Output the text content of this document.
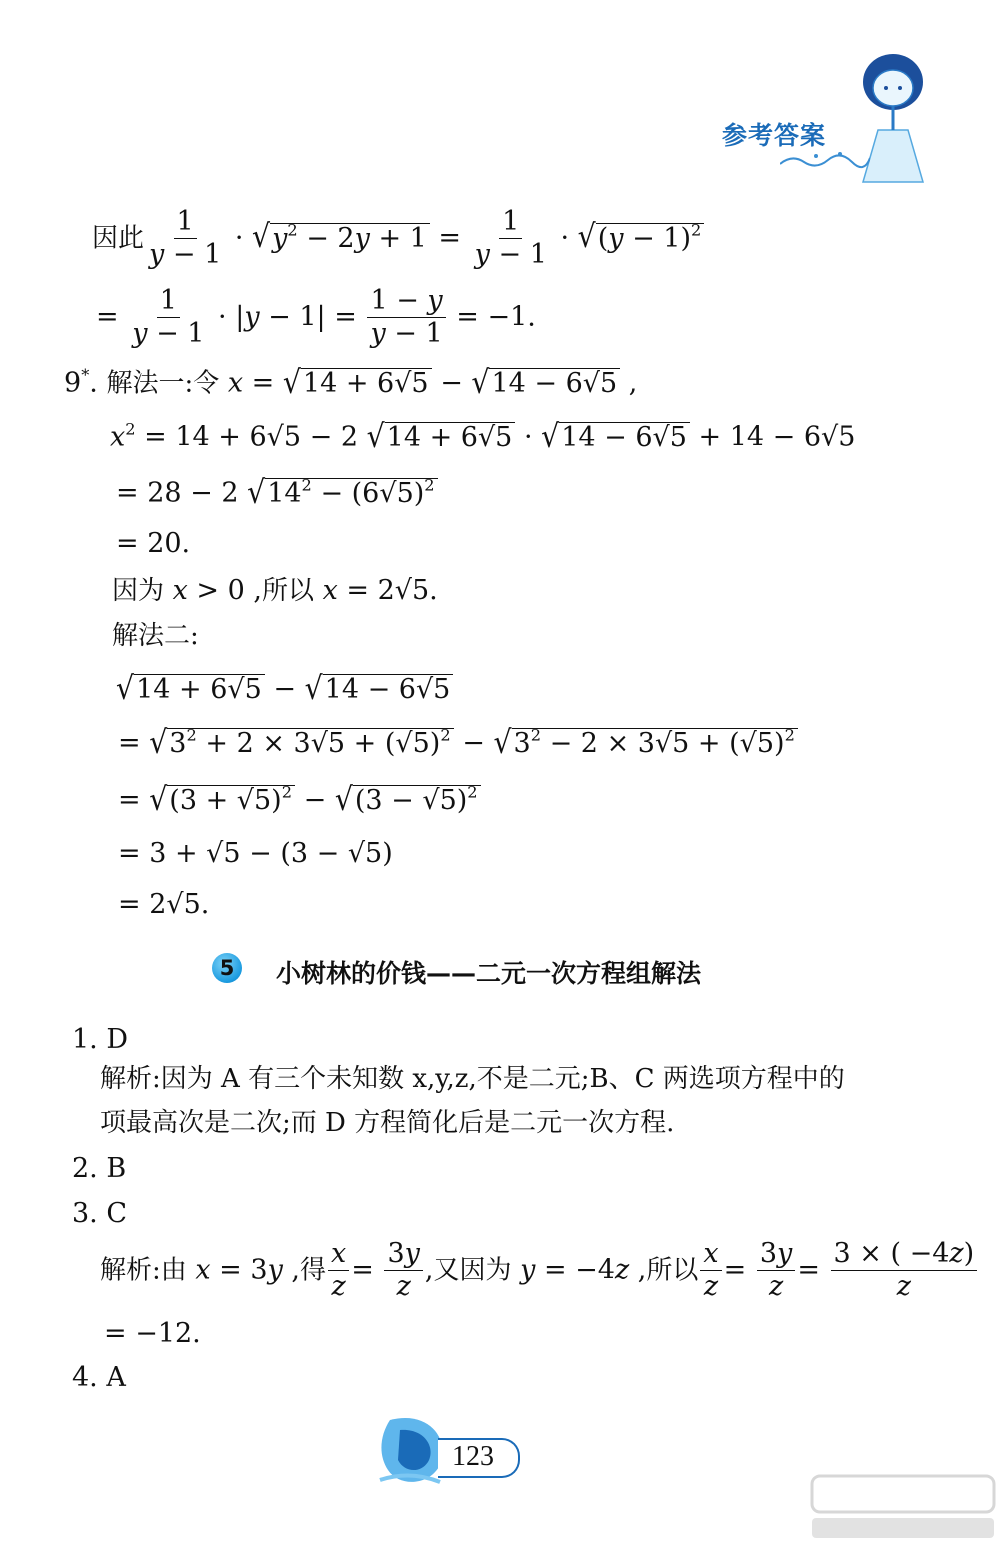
参考答案
因此 $\frac{1}{y - 1}$ · √ $y^2 - 2y + 1 = \frac{1}{y - 1}$ · √ $(y - 1)^2$
= $\frac{1}{y - 1} \cdot |y - 1| = \frac{1 - y}{y - 1} = -1$.
9*. 解法一:令 x = √ 14 + 6√5 − √ 14 − 6√5 ,
$x^2 = 14 + 6√5 - 2$ √ 14 + 6√5 · √ 14 − 6√5 + 14 − 6√5
= 28 − 2 √ $14^2 - (6√5)^2$
= 20.
因为 x > 0 ,所以 x = 2√5.
解法二:
√ 14 + 6√5 − √ 14 − 6√5
= √ $3^2 + 2 \times 3√5 + (√5)^2$ − √ $3^2 - 2 \times 3√5 + (√5)^2$
= √ $(3 + √5)^2$ − √ $(3 - √5)^2$
= 3 + √5 − (3 − √5)
= 2√5.
5	小树林的价钱——二元一次方程组解法
1. D
解析:因为 A 有三个未知数 x,y,z,不是二元;B、C 两选项方程中的
项最高次是二次;而 D 方程简化后是二元一次方程.
2. B
3. C
解析:由 x = 3y ,得 $\frac{x}{z} = \frac{3y}{z}$ ,又因为 y = −4z ,所以 $\frac{x}{z} = \frac{3y}{z} = \frac{3 \times ( -4z)}{z}$
= −12.
4. A
123
